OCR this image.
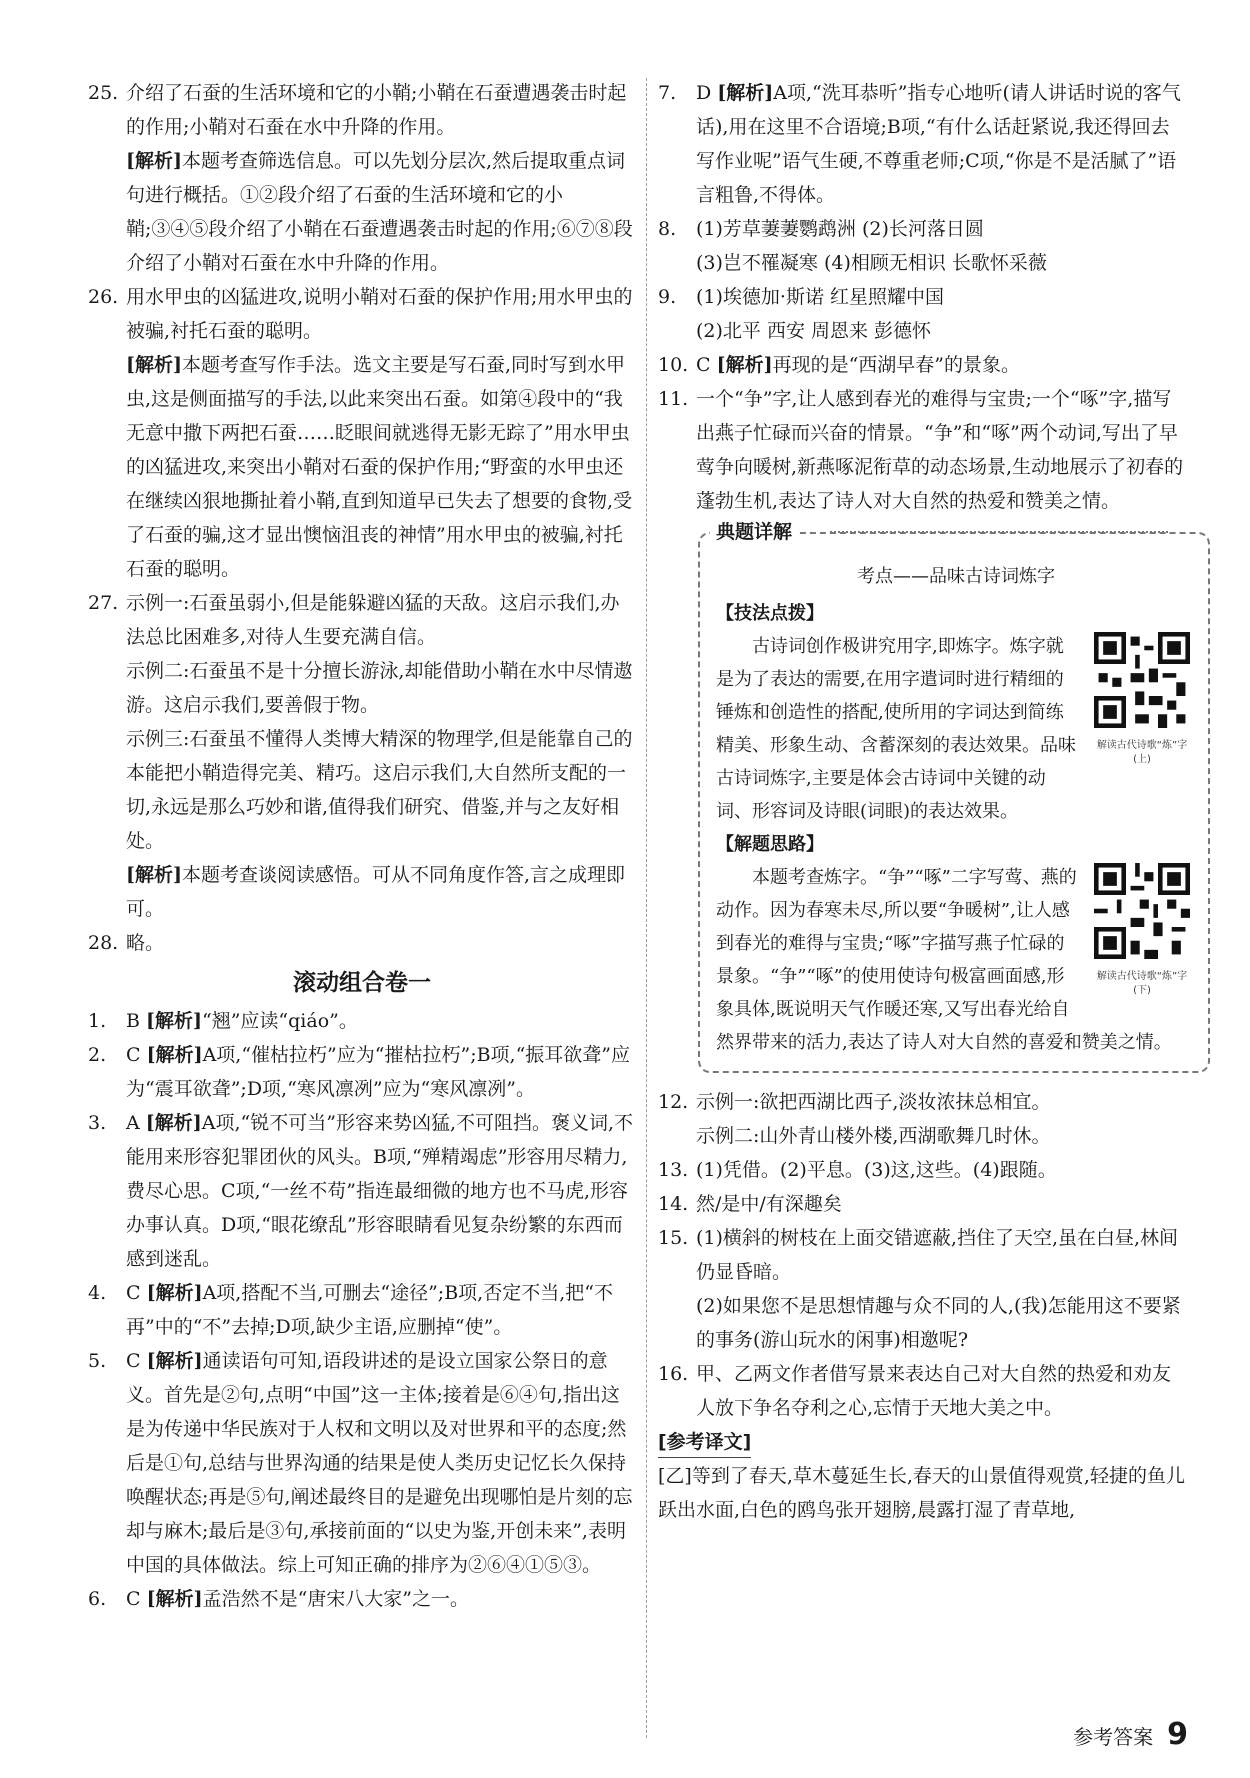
25. 介绍了石蚕的生活环境和它的小鞘;小鞘在石蚕遭遇袭击时起的作用;小鞘对石蚕在水中升降的作用。

[解析]本题考查筛选信息。可以先划分层次,然后提取重点词句进行概括。①②段介绍了石蚕的生活环境和它的小鞘;③④⑤段介绍了小鞘在石蚕遭遇袭击时起的作用;⑥⑦⑧段介绍了小鞘对石蚕在水中升降的作用。

26. 用水甲虫的凶猛进攻,说明小鞘对石蚕的保护作用;用水甲虫的被骗,衬托石蚕的聪明。

[解析]本题考查写作手法。选文主要是写石蚕,同时写到水甲虫,这是侧面描写的手法,以此来突出石蚕。如第④段中的“我无意中撒下两把石蚕……眨眼间就逃得无影无踪了”用水甲虫的凶猛进攻,来突出小鞘对石蚕的保护作用;“野蛮的水甲虫还在继续凶狠地撕扯着小鞘,直到知道早已失去了想要的食物,受了石蚕的骗,这才显出懊恼沮丧的神情”用水甲虫的被骗,衬托石蚕的聪明。

27. 示例一:石蚕虽弱小,但是能躲避凶猛的天敌。这启示我们,办法总比困难多,对待人生要充满自信。

示例二:石蚕虽不是十分擅长游泳,却能借助小鞘在水中尽情遨游。这启示我们,要善假于物。

示例三:石蚕虽不懂得人类博大精深的物理学,但是能靠自己的本能把小鞘造得完美、精巧。这启示我们,大自然所支配的一切,永远是那么巧妙和谐,值得我们研究、借鉴,并与之友好相处。

[解析]本题考查谈阅读感悟。可从不同角度作答,言之成理即可。

28. 略。

滚动组合卷一
1.	B [解析]“翘”应读“qiáo”。

2.	C [解析]A项,“催枯拉朽”应为“摧枯拉朽”;B项,“振耳欲聋”应为“震耳欲聋”;D项,“寒风凛冽”应为“寒风凛冽”。

3.	A [解析]A项,“锐不可当”形容来势凶猛,不可阻挡。褒义词,不能用来形容犯罪团伙的风头。B项,“殚精竭虑”形容用尽精力,费尽心思。C项,“一丝不苟”指连最细微的地方也不马虎,形容办事认真。D项,“眼花缭乱”形容眼睛看见复杂纷繁的东西而感到迷乱。

4.	C [解析]A项,搭配不当,可删去“途径”;B项,否定不当,把“不再”中的“不”去掉;D项,缺少主语,应删掉“使”。

5.	C [解析]通读语句可知,语段讲述的是设立国家公祭日的意义。首先是②句,点明“中国”这一主体;接着是⑥④句,指出这是为传递中华民族对于人权和文明以及对世界和平的态度;然后是①句,总结与世界沟通的结果是使人类历史记忆长久保持唤醒状态;再是⑤句,阐述最终目的是避免出现哪怕是片刻的忘却与麻木;最后是③句,承接前面的“以史为鉴,开创未来”,表明中国的具体做法。综上可知正确的排序为②⑥④①⑤③。

6.	C [解析]孟浩然不是“唐宋八大家”之一。

7.	D [解析]A项,“洗耳恭听”指专心地听(请人讲话时说的客气话),用在这里不合语境;B项,“有什么话赶紧说,我还得回去写作业呢”语气生硬,不尊重老师;C项,“你是不是活腻了”语言粗鲁,不得体。

8.	(1)芳草萋萋鹦鹉洲 (2)长河落日圆

(3)岂不罹凝寒 (4)相顾无相识 长歌怀采薇

9.	(1)埃德加·斯诺 红星照耀中国

(2)北平 西安 周恩来 彭德怀

10. C [解析]再现的是“西湖早春”的景象。

11. 一个“争”字,让人感到春光的难得与宝贵;一个“啄”字,描写出燕子忙碌而兴奋的情景。“争”和“啄”两个动词,写出了早莺争向暖树,新燕啄泥衔草的动态场景,生动地展示了初春的蓬勃生机,表达了诗人对大自然的热爱和赞美之情。

典题详解

考点——品味古诗词炼字

【技法点拨】

解读古代诗歌“炼”字(上)

古诗词创作极讲究用字,即炼字。炼字就是为了表达的需要,在用字遣词时进行精细的锤炼和创造性的搭配,使所用的字词达到简练精美、形象生动、含蓄深刻的表达效果。品味古诗词炼字,主要是体会古诗词中关键的动词、形容词及诗眼(词眼)的表达效果。

【解题思路】

解读古代诗歌“炼”字(下)

本题考查炼字。“争”“啄”二字写莺、燕的动作。因为春寒未尽,所以要“争暖树”,让人感到春光的难得与宝贵;“啄”字描写燕子忙碌的景象。“争”“啄”的使用使诗句极富画面感,形象具体,既说明天气作暖还寒,又写出春光给自然界带来的活力,表达了诗人对大自然的喜爱和赞美之情。

12. 示例一:欲把西湖比西子,淡妆浓抹总相宜。

示例二:山外青山楼外楼,西湖歌舞几时休。

13. (1)凭借。(2)平息。(3)这,这些。(4)跟随。

14. 然/是中/有深趣矣

15. (1)横斜的树枝在上面交错遮蔽,挡住了天空,虽在白昼,林间仍显昏暗。

(2)如果您不是思想情趣与众不同的人,(我)怎能用这不要紧的事务(游山玩水的闲事)相邀呢?

16. 甲、乙两文作者借写景来表达自己对大自然的热爱和劝友人放下争名夺利之心,忘情于天地大美之中。

[参考译文]

[乙]等到了春天,草木蔓延生长,春天的山景值得观赏,轻捷的鱼儿跃出水面,白色的鸥鸟张开翅膀,晨露打湿了青草地,

参考答案 9
